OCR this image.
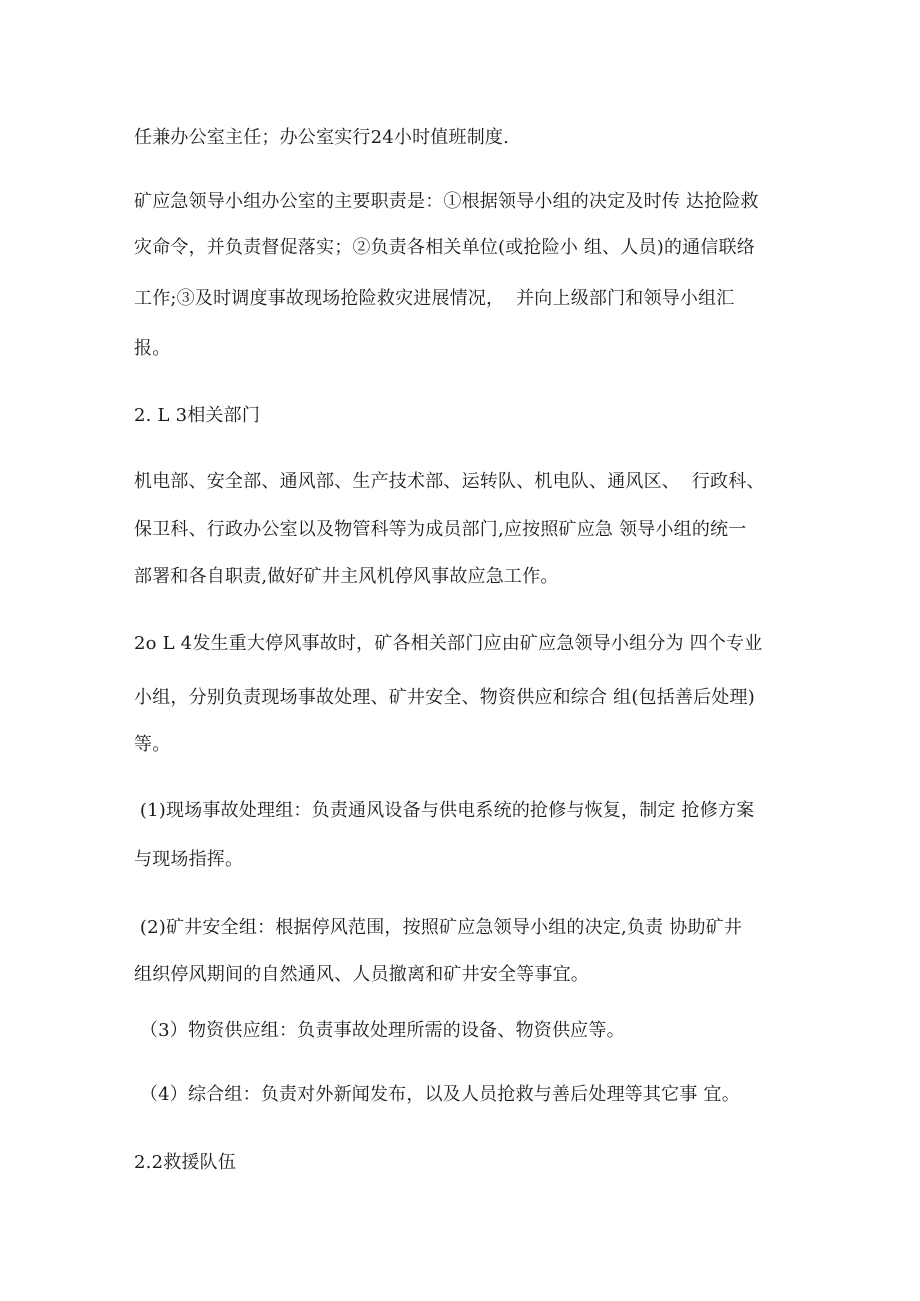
任兼办公室主任；办公室实行24小时值班制度.
矿应急领导小组办公室的主要职责是：①根据领导小组的决定及时传 达抢险救
灾命令，并负责督促落实；②负责各相关单位(或抢险小 组、人员)的通信联络
工作;③及时调度事故现场抢险救灾进展情况，  并向上级部门和领导小组汇
报。
2. L 3相关部门
机电部、安全部、通风部、生产技术部、运转队、机电队、通风区、  行政科、
保卫科、行政办公室以及物管科等为成员部门,应按照矿应急 领导小组的统一
部署和各自职责,做好矿井主风机停风事故应急工作。
2o L 4发生重大停风事故时，矿各相关部门应由矿应急领导小组分为 四个专业
小组，分别负责现场事故处理、矿井安全、物资供应和综合 组(包括善后处理)
等。
(1)现场事故处理组：负责通风设备与供电系统的抢修与恢复，制定 抢修方案
与现场指挥。
(2)矿井安全组：根据停风范围，按照矿应急领导小组的决定,负责 协助矿井
组织停风期间的自然通风、人员撤离和矿井安全等事宜。
（3）物资供应组：负责事故处理所需的设备、物资供应等。
（4）综合组：负责对外新闻发布，以及人员抢救与善后处理等其它事 宜。
2.2救援队伍
